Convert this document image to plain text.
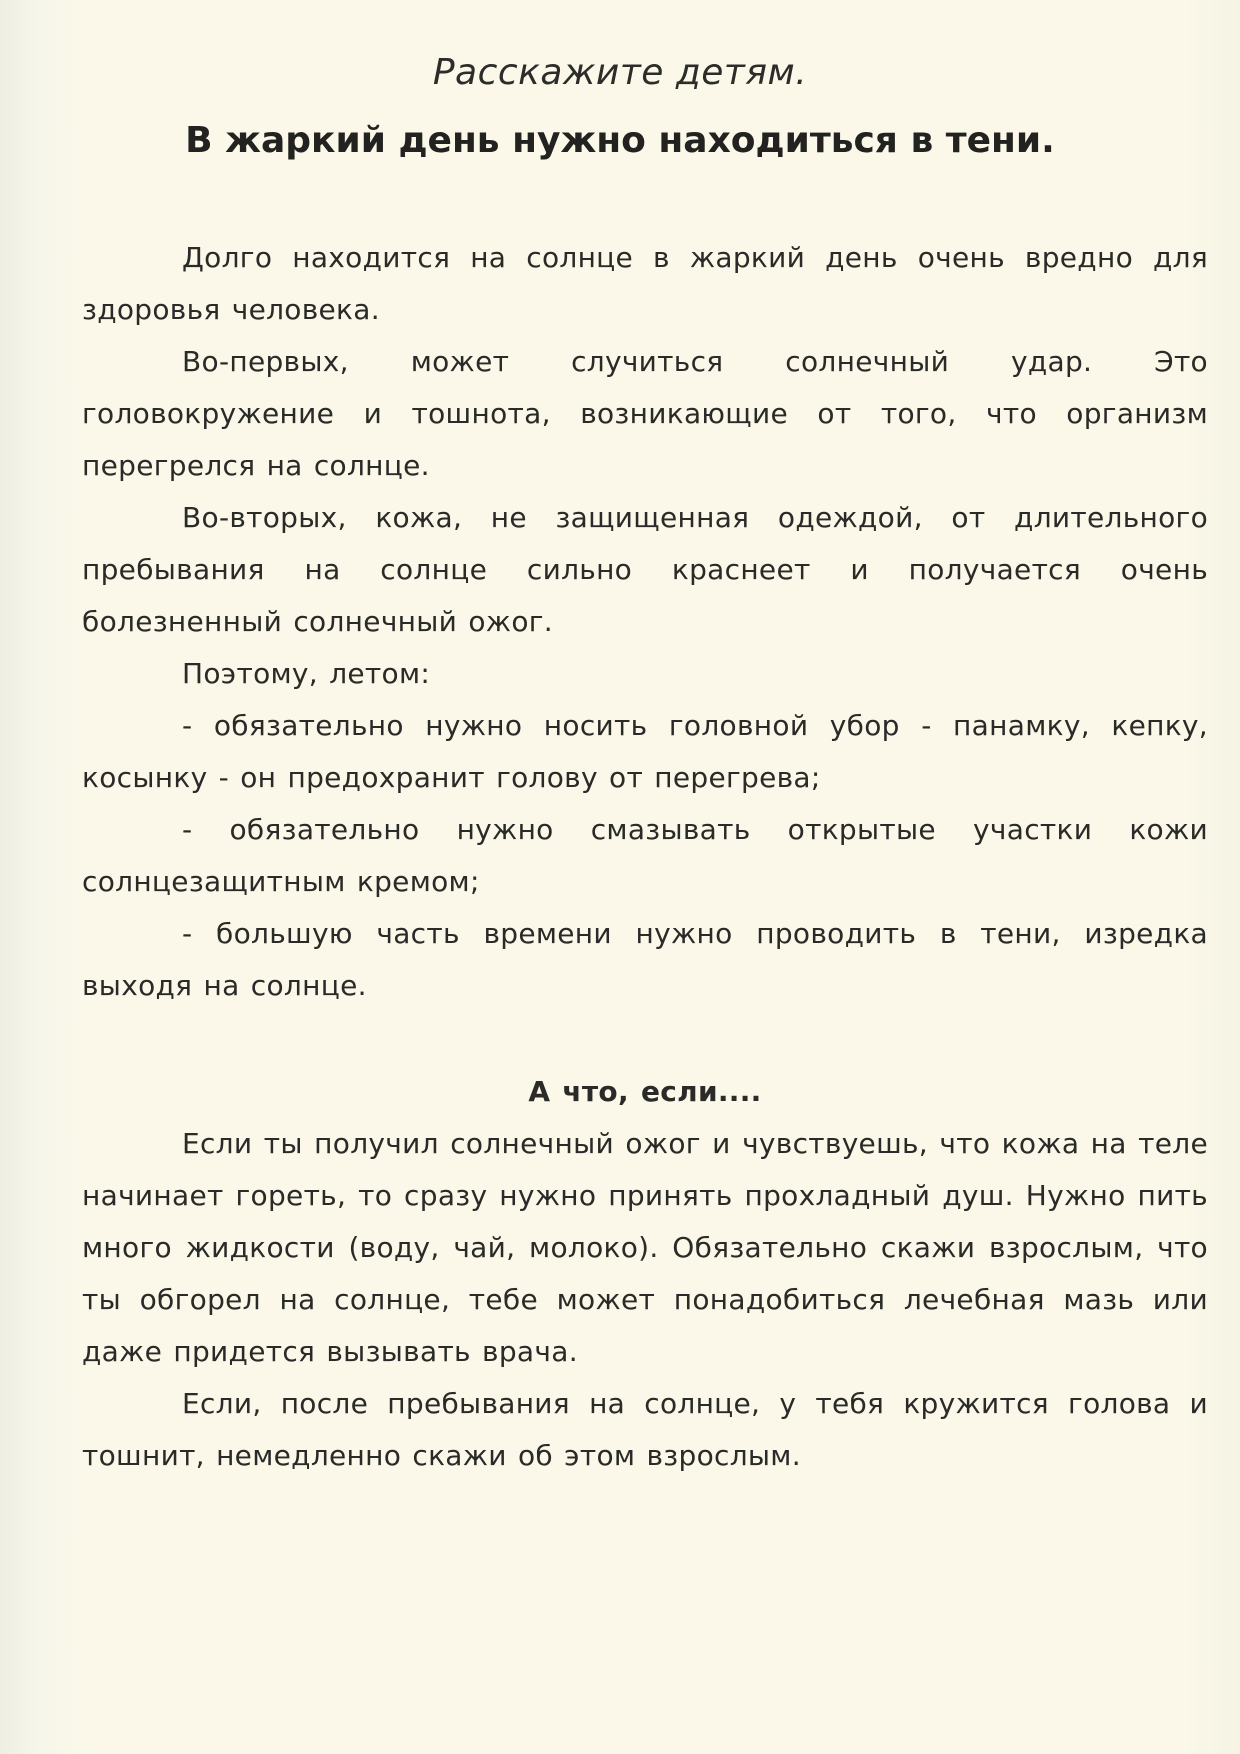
Расскажите детям.
В жаркий день нужно находиться в тени.

Долго находится на солнце в жаркий день очень вредно для здоровья человека.

Во-первых, может случиться солнечный удар. Это головокружение и тошнота, возникающие от того, что организм перегрелся на солнце.

Во-вторых, кожа, не защищенная одеждой, от длительного пребывания на солнце сильно краснеет и получается очень болезненный солнечный ожог.

Поэтому, летом:

- обязательно нужно носить головной убор - панамку, кепку, косынку - он предохранит голову от перегрева;

- обязательно нужно смазывать открытые участки кожи солнцезащитным кремом;

- большую часть времени нужно проводить в тени, изредка выходя на солнце.

А что, если....

Если ты получил солнечный ожог и чувствуешь, что кожа на теле начинает гореть, то сразу нужно принять прохладный душ. Нужно пить много жидкости (воду, чай, молоко). Обязательно скажи взрослым, что ты обгорел на солнце, тебе может понадобиться лечебная мазь или даже придется вызывать врача.

Если, после пребывания на солнце, у тебя кружится голова и тошнит, немедленно скажи об этом взрослым.
